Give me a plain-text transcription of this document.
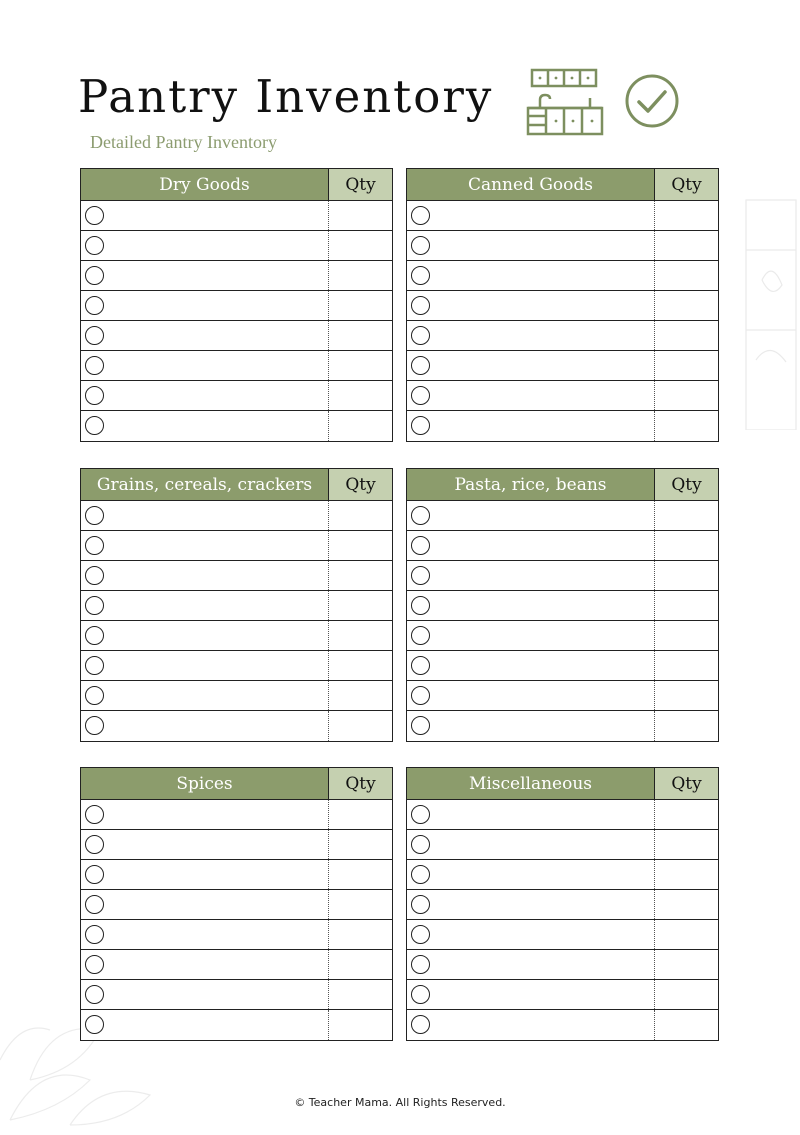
Pantry Inventory

Detailed Pantry Inventory

Dry Goods	Qty	Canned Goods	Qty
Grains, cereals, crackers	Qty	Pasta, rice, beans	Qty
Spices	Qty	Miscellaneous	Qty
© Teacher Mama. All Rights Reserved.
